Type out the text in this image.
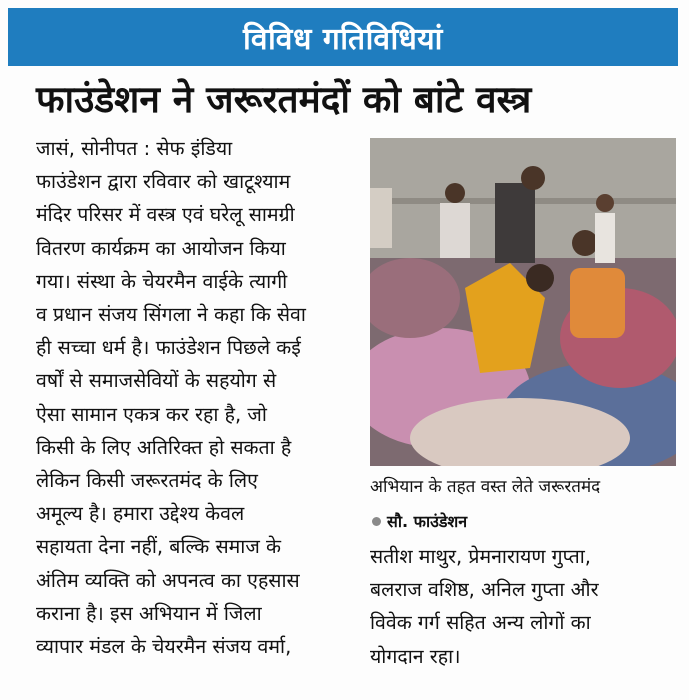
विविध गतिविधियां
फाउंडेशन ने जरूरतमंदों को बांटे वस्त्र

जासं, सोनीपत : सेफ इंडिया

फाउंडेशन द्वारा रविवार को खाटूश्याम

मंदिर परिसर में वस्त्र एवं घरेलू सामग्री

वितरण कार्यक्रम का आयोजन किया

गया। संस्था के चेयरमैन वाईके त्यागी

व प्रधान संजय सिंगला ने कहा कि सेवा

ही सच्चा धर्म है। फाउंडेशन पिछले कई

वर्षों से समाजसेवियों के सहयोग से

ऐसा सामान एकत्र कर रहा है, जो

किसी के लिए अतिरिक्त हो सकता है

लेकिन किसी जरूरतमंद के लिए

अमूल्य है। हमारा उद्देश्य केवल

सहायता देना नहीं, बल्कि समाज के

अंतिम व्यक्ति को अपनत्व का एहसास

कराना है। इस अभियान में जिला

व्यापार मंडल के चेयरमैन संजय वर्मा,

अभियान के तहत वस्त लेते जरूरतमंद
सौ. फाउंडेशन

सतीश माथुर, प्रेमनारायण गुप्ता,

बलराज वशिष्ठ, अनिल गुप्ता और

विवेक गर्ग सहित अन्य लोगों का

योगदान रहा।
